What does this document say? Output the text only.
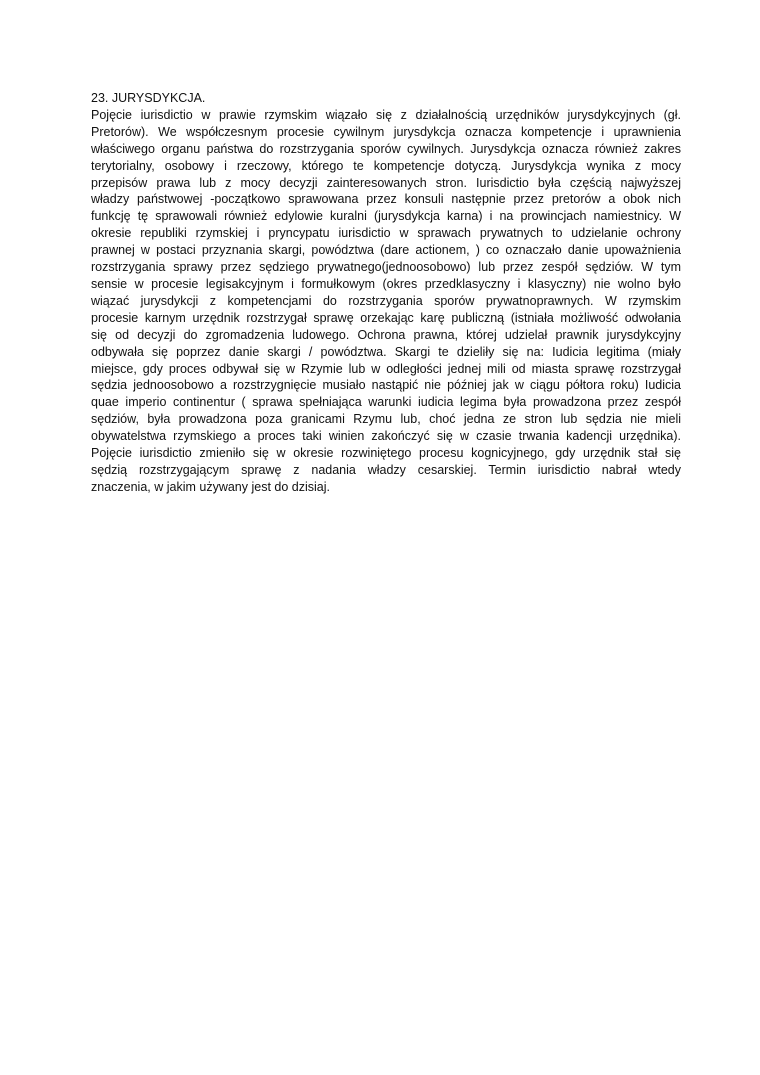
23. JURYSDYKCJA.
Pojęcie iurisdictio w prawie rzymskim wiązało się z działalnością urzędników jurysdykcyjnych (gł.
Pretorów). We współczesnym procesie cywilnym jurysdykcja oznacza kompetencje i uprawnienia
właściwego organu państwa do rozstrzygania sporów cywilnych. Jurysdykcja oznacza również zakres
terytorialny, osobowy i rzeczowy, którego te kompetencje dotyczą. Jurysdykcja wynika z mocy
przepisów prawa lub z mocy decyzji zainteresowanych stron. Iurisdictio była częścią najwyższej
władzy państwowej -początkowo sprawowana przez konsuli następnie przez pretorów a obok nich
funkcję tę sprawowali również edylowie kuralni (jurysdykcja karna) i na prowincjach namiestnicy. W
okresie republiki rzymskiej i pryncypatu iurisdictio w sprawach prywatnych to udzielanie ochrony
prawnej w postaci przyznania skargi, powództwa (dare actionem, ) co oznaczało danie upoważnienia
rozstrzygania sprawy przez sędziego prywatnego(jednoosobowo) lub przez zespół sędziów. W tym
sensie w procesie legisakcyjnym i formułkowym (okres przedklasyczny i klasyczny) nie wolno było
wiązać jurysdykcji z kompetencjami do rozstrzygania sporów prywatnoprawnych. W rzymskim
procesie karnym urzędnik rozstrzygał sprawę orzekając karę publiczną (istniała możliwość odwołania
się od decyzji do zgromadzenia ludowego. Ochrona prawna, której udzielał prawnik jurysdykcyjny
odbywała się poprzez danie skargi / powództwa. Skargi te dzieliły się na: Iudicia legitima (miały
miejsce, gdy proces odbywał się w Rzymie lub w odległości jednej mili od miasta sprawę rozstrzygał
sędzia jednoosobowo a rozstrzygnięcie musiało nastąpić nie później jak w ciągu półtora roku) Iudicia
quae imperio continentur ( sprawa spełniająca warunki iudicia legima była prowadzona przez zespół
sędziów, była prowadzona poza granicami Rzymu lub, choć jedna ze stron lub sędzia nie mieli
obywatelstwa rzymskiego a proces taki winien zakończyć się w czasie trwania kadencji urzędnika).
Pojęcie iurisdictio zmieniło się w okresie rozwiniętego procesu kognicyjnego, gdy urzędnik stał się
sędzią rozstrzygającym sprawę z nadania władzy cesarskiej. Termin iurisdictio nabrał wtedy
znaczenia, w jakim używany jest do dzisiaj.
